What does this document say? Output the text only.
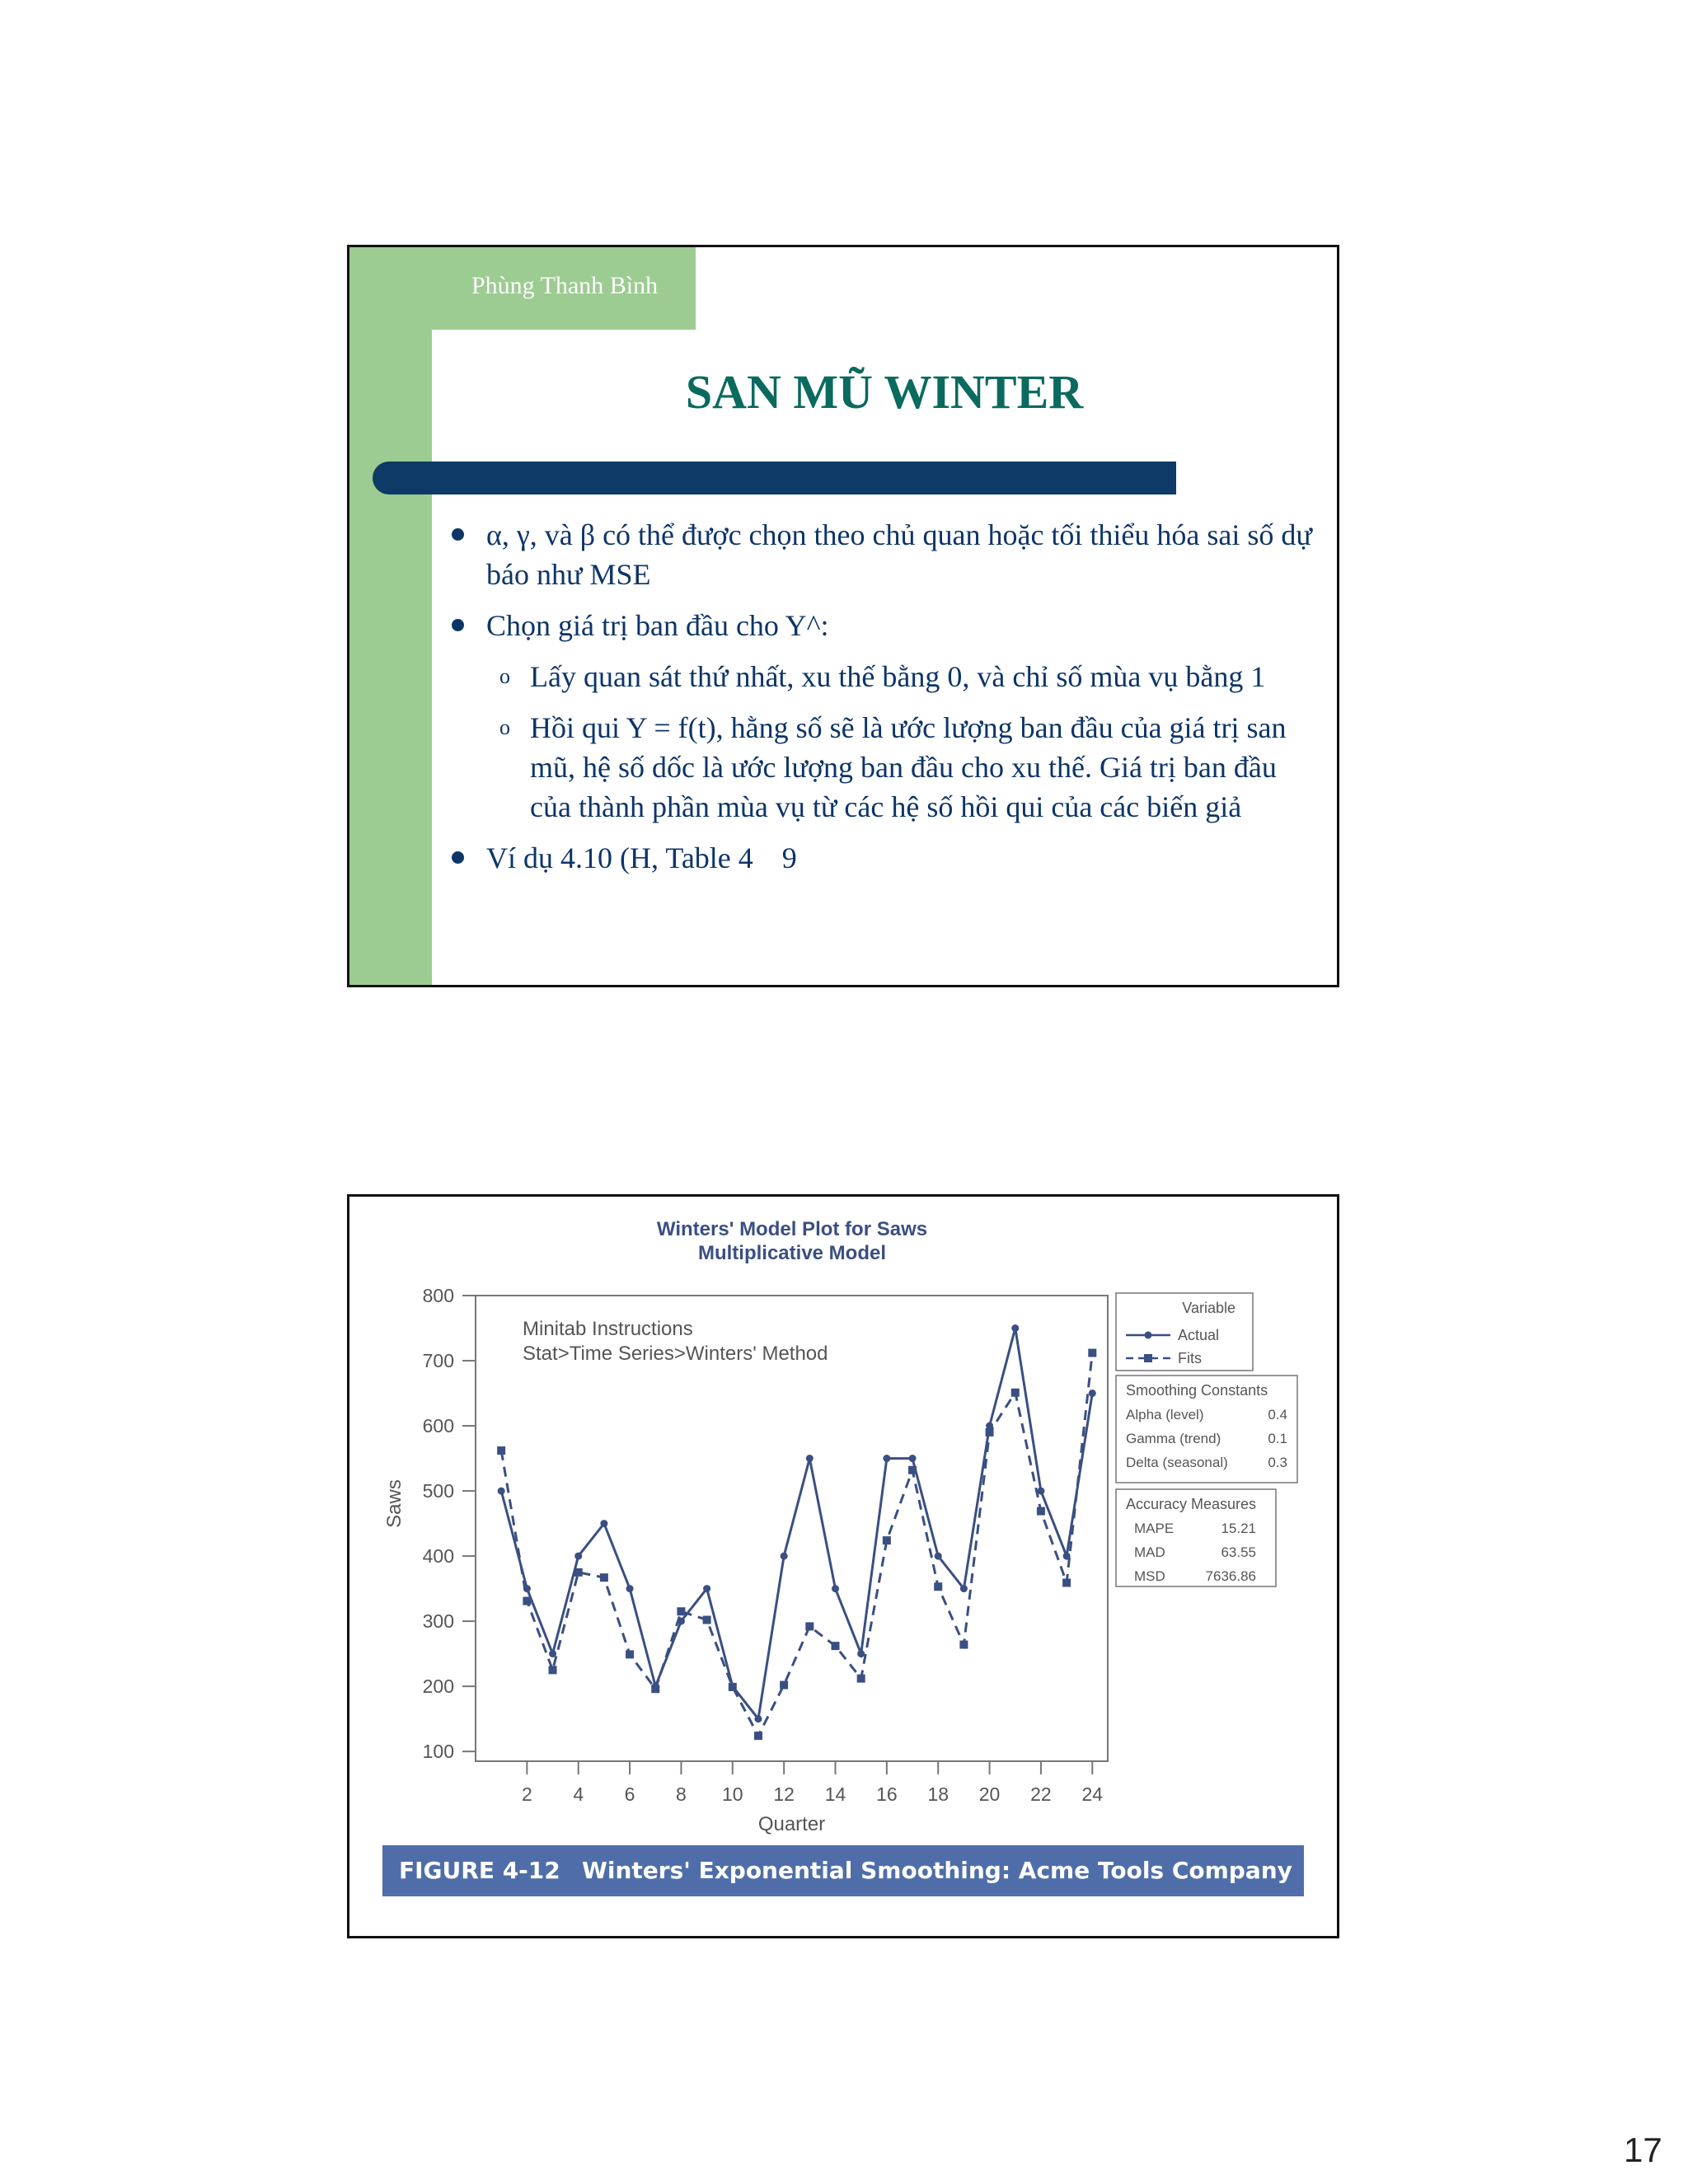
Phùng Thanh Bình
SAN MŨ WINTER
α, γ, và β có thể được chọn theo chủ quan hoặc tối thiểu hóa sai số dự báo như MSE
Chọn giá trị ban đầu cho Y^:
o Lấy quan sát thứ nhất, xu thế bằng 0, và chỉ số mùa vụ bằng 1
o Hồi qui Y = f(t), hằng số sẽ là ước lượng ban đầu của giá trị san mũ, hệ số dốc là ước lượng ban đầu cho xu thế. Giá trị ban đầu của thành phần mùa vụ từ các hệ số hồi qui của các biến giả
Ví dụ 4.10 (H, Table 4 9
Winters' Model Plot for Saws
Multiplicative Model
100
200
300
400
500
600
700
800
Saws
2 4 6 8 10 12 14 16 18 20 22 24
Quarter
Minitab Instructions
Stat>Time Series>Winters' Method
Variable
Actual
Fits
Smoothing Constants
Alpha (level)	0.4
Gamma (trend)	0.1
Delta (seasonal)	0.3
Accuracy Measures
MAPE	15.21
MAD	63.55
MSD	7636.86
FIGURE 4-12 Winters' Exponential Smoothing: Acme Tools Company Data
17
